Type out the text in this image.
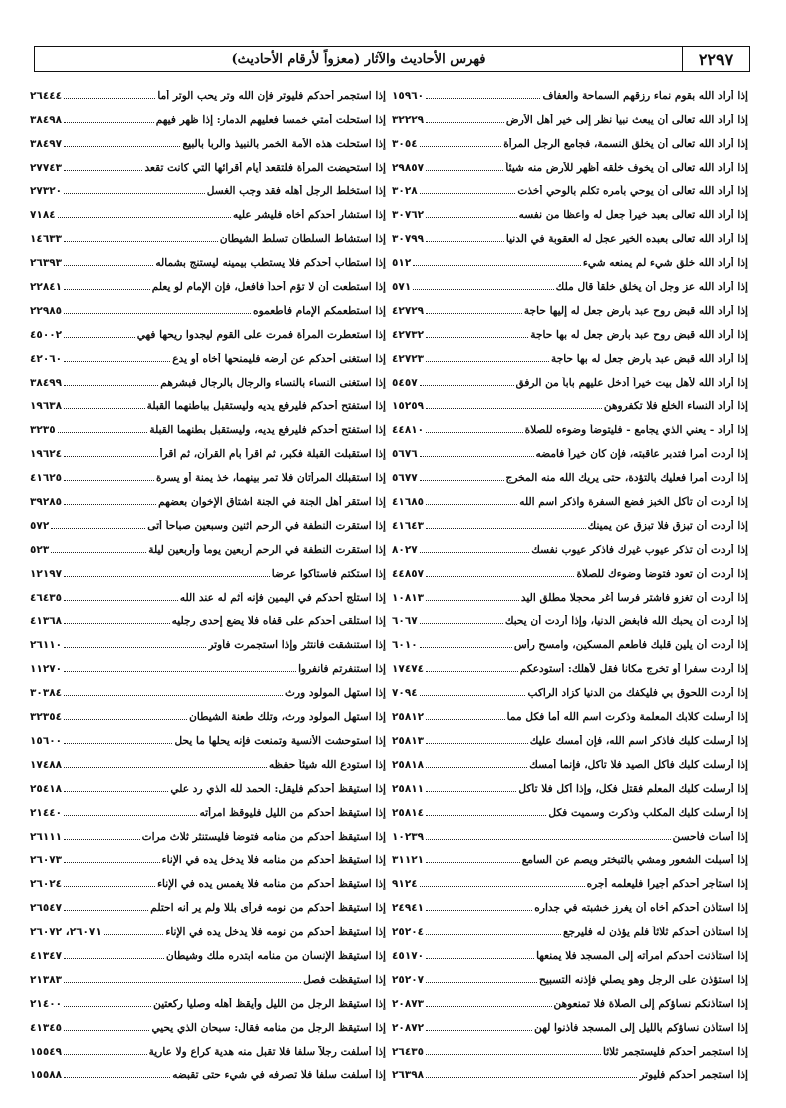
٢٢٩٧
فهرس الأحاديث والآثار (معزواً لأرقام الأحاديث)
إذا أراد الله بقوم نماء رزقهم السماحة والعفاف
١٥٩٦٠
إذا أراد الله تعالى أن يبعث نبياً نظر إلى خير أهل الأرض
٣٢٢٢٩
إذا أراد الله تعالى أن يخلق النسمة، فجامع الرجل المرأة
٣٠٥٤
إذا أراد الله تعالى أن يخوف خلقه أظهر للأرض منه شيئاً
٢٩٨٥٧
إذا أراد الله تعالى أن يوحي بأمره تكلم بالوحي أخذت
٣٠٢٨
إذا أراد الله تعالى بعبد خيراً جعل له واعظا من نفسه
٣٠٧٦٢
إذا أراد الله تعالى بعبده الخير عجل له العقوبة في الدنيا
٣٠٧٩٩
إذا أراد الله خلق شيء لم يمنعه شيء
٥١٢
إذا أراد الله عز وجل أن يخلق خلقاً قال ملك
٥٧١
إذا أراد الله قبض روح عبد بأرض جعل له إليها حاجة
٤٢٧٢٩
إذا أراد الله قبض روح عبد بأرض جعل له بها حاجة
٤٢٧٣٢
إذا أراد الله قبض عبد بأرض جعل له بها حاجة
٤٢٧٢٣
إذا أراد الله لأهل بيت خيراً أدخل عليهم باباً من الرفق
٥٤٥٧
إذا أراد النساء الخلع فلا تكفروهن
١٥٢٥٩
إذا أراد - يعني الذي يجامع - فليتوضأ وضوءه للصلاة
٤٤٨١٠
إذا أردت أمرا فتدبر عاقبته، فإن كان خيراً فامضه
٥٦٧٦
إذا أردت أمرا فعليك بالتؤدة، حتى يريك الله منه المخرج
٥٦٧٧
إذا أردت أن تأكل الخبز فضع السفرة واذكر اسم الله
٤١٦٨٥
إذا أردت أن تبزق فلا تبزق عن يمينك
٤١٦٤٣
إذا أردت أن تذكر عيوب غيرك فاذكر عيوب نفسك
٨٠٢٧
إذا أردت أن تعود فتوضأ وضوءك للصلاة
٤٤٨٥٧
إذا أردت أن تغزو فاشتر فرسا أغر محجلا مطلق اليد
١٠٨١٣
إذا أردت أن يحبك الله فأبغض الدنيا، وإذا أردت أن يحبك
٦٠٦٧
إذا أردت أن يلين قلبك فأطعم المسكين، وامسح رأس
٦٠١٠
إذا أردت سفرا أو تخرج مكانا فقل لأهلك: أستودعكم
١٧٤٧٤
إذا أردت اللحوق بي فليكفك من الدنيا كزاد الراكب
٧٠٩٤
إذا أرسلت كلابك المعلمة وذكرت اسم الله أما فكل مما
٢٥٨١٢
إذا أرسلت كلبك فاذكر اسم الله، فإن أمسك عليك
٢٥٨١٣
إذا أرسلت كلبك فأكل الصيد فلا تأكل، فإنما أمسك
٢٥٨١٨
إذا أرسلت كلبك المعلم فقتل فكل، وإذا أكل فلا تأكل
٢٥٨١١
إذا أرسلت كلبك المكلب وذكرت وسميت فكل
٢٥٨١٤
إذا أسات فأحسن
١٠٢٣٩
إذا أسبلت الشعور ومشي بالتبختر ويصم عن السامع
٣١١٢١
إذا استأجر أحدكم أجيرا فليعلمه أجره
٩١٢٤
إذا استأذن أحدكم أخاه أن يغرز خشبته في جداره
٢٤٩٤١
إذا استأذن أحدكم ثلاثاً فلم يؤذن له فليرجع
٢٥٢٠٤
إذا استأذنت أحدكم امرأته إلى المسجد فلا يمنعها
٤٥١٧٠
إذا استؤذن على الرجل وهو يصلي فإذنه التسبيح
٢٥٢٠٧
إذا استأذنكم نساؤكم إلى الصلاة فلا تمنعوهن
٢٠٨٧٣
إذا استأذن نساؤكم بالليل إلى المسجد فأذنوا لهن
٢٠٨٧٢
إذا استجمر أحدكم فليستجمر ثلاثا
٢٦٤٣٥
إذا استجمر أحدكم فليوتر
٢٦٣٩٨
إذا استجمر أحدكم فليوتر فإن الله وتر يحب الوتر أما
٢٦٤٤٤
إذا استحلت أمتي خمسا فعليهم الدمار: إذا ظهر فيهم
٣٨٤٩٨
إذا استحلت هذه الأمة الخمر بالنبيذ والربا بالبيع
٣٨٤٩٧
إذا استحيضت المرأة فلتقعد أيام أقرائها التي كانت تقعد
٢٧٧٤٣
إذا استخلط الرجل أهله فقد وجب الغسل
٢٧٣٢٠
إذا استشار أحدكم أخاه فليشر عليه
٧١٨٤
إذا استشاط السلطان تسلط الشيطان
١٤٦٣٣
إذا استطاب أحدكم فلا يستطب بيمينه ليستنج بشماله
٢٦٣٩٣
إذا استطعت أن لا تؤم أحداً فافعل، فإن الإمام لو يعلم
٢٢٨٤١
إذا استطعمكم الإمام فأطعموه
٢٢٩٨٥
إذا استعطرت المرأة فمرت على القوم ليجدوا ريحها فهي
٤٥٠٠٢
إذا استغنى أحدكم عن أرضه فليمنحها أخاه أو يدع
٤٢٠٦٠
إذا استغنى النساء بالنساء والرجال بالرجال فبشرهم
٣٨٤٩٩
إذا استفتح أحدكم فليرفع يديه وليستقبل بباطنهما القبلة
١٩٦٣٨
إذا استفتح أحدكم فليرفع يديه، وليستقبل بطنهما القبلة
٣٢٣٥
إذا استقبلت القبلة فكبر، ثم اقرأ بأم القرآن، ثم اقرأ
١٩٦٢٤
إذا استقبلك المرأتان فلا تمر بينهما، خذ يمنة أو يسرة
٤١٦٢٥
إذا استقر أهل الجنة في الجنة اشتاق الإخوان بعضهم
٣٩٢٨٥
إذا استقرت النطفة في الرحم اثنين وسبعين صباحاً أتى
٥٧٢
إذا استقرت النطفة في الرحم أربعين يوماً وأربعين ليلة
٥٢٣
إذا استكتم فاستاكوا عرضا
١٢١٩٧
إذا استلج أحدكم في اليمين فإنه آثم له عند الله
٤٦٤٣٥
إذا استلقى أحدكم على قفاه فلا يضع إحدى رجليه
٤١٣٦٨
إذا استنشقت فانتثر وإذا استجمرت فأوتر
٢٦١١٠
إذا استنفرتم فانفروا
١١٢٧٠
إذا استهل المولود ورث
٣٠٣٨٤
إذا استهل المولود ورث، وتلك طعنة الشيطان
٣٢٣٥٤
إذا استوحشت الأنسية وتمنعت فإنه يحلها ما يحل
١٥٦٠٠
إذا استودع الله شيئاً حفظه
١٧٤٨٨
إذا استيقظ أحدكم فليقل: الحمد لله الذي رد علي
٢٥٤١٨
إذا استيقظ أحدكم من الليل فليوقظ امرأته
٢١٤٤٠
إذا استيقظ أحدكم من منامه فتوضأ فليستنثر ثلاث مرات
٢٦١١١
إذا استيقظ أحدكم من منامه فلا يدخل يده في الإناء
٢٦٠٧٣
إذا استيقظ أحدكم من منامه فلا يغمس يده في الإناء
٢٦٠٢٤
إذا استيقظ أحدكم من نومه فرأى بللا ولم ير أنه احتلم
٢٦٥٤٧
إذا استيقظ أحدكم من نومه فلا يدخل يده في الإناء
٢٦٠٧١، ٢٦٠٧٢
إذا استيقظ الإنسان من منامه ابتدره ملك وشيطان
٤١٣٤٧
إذا استيقظت فصل
٢١٣٨٣
إذا استيقظ الرجل من الليل وأيقظ أهله وصليا ركعتين
٢١٤٠٠
إذا استيقظ الرجل من منامه فقال: سبحان الذي يحيي
٤١٣٤٥
إذا أسلفت رجلاً سلفا فلا تقبل منه هدية كراع ولا عارية
١٥٥٤٩
إذا أسلفت سلفا فلا تصرفه في شيء حتى تقبضه
١٥٥٨٨
